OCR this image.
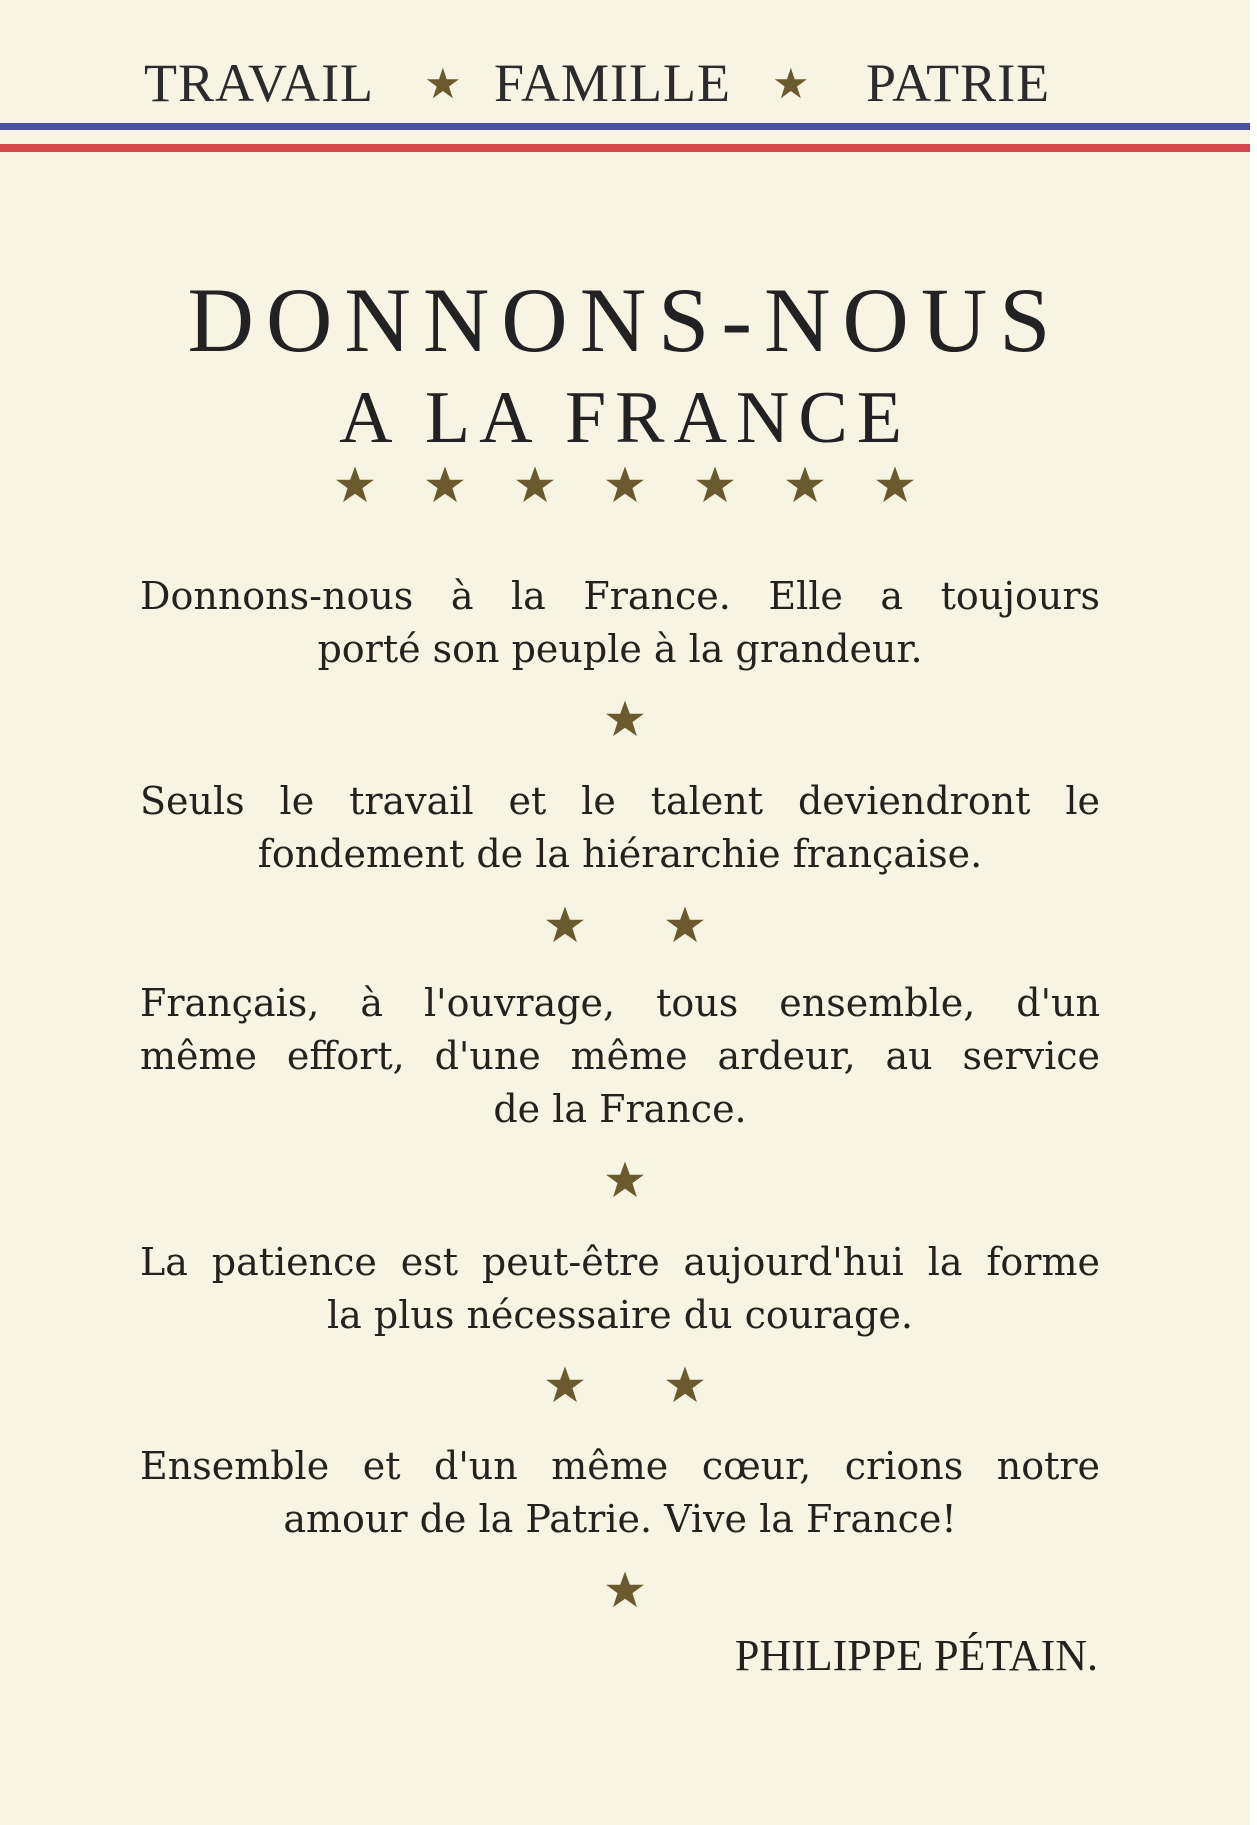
TRAVAIL ★ FAMILLE ★ PATRIE
DONNONS-NOUS
A LA FRANCE
Donnons-nous à la France. Elle a toujours
porté son peuple à la grandeur.
Seuls le travail et le talent deviendront le
fondement de la hiérarchie française.
Français, à l'ouvrage, tous ensemble, d'un
même effort, d'une même ardeur, au service
de la France.
La patience est peut-être aujourd'hui la forme
la plus nécessaire du courage.
Ensemble et d'un même cœur, crions notre
amour de la Patrie. Vive la France!
PHILIPPE PÉTAIN.
